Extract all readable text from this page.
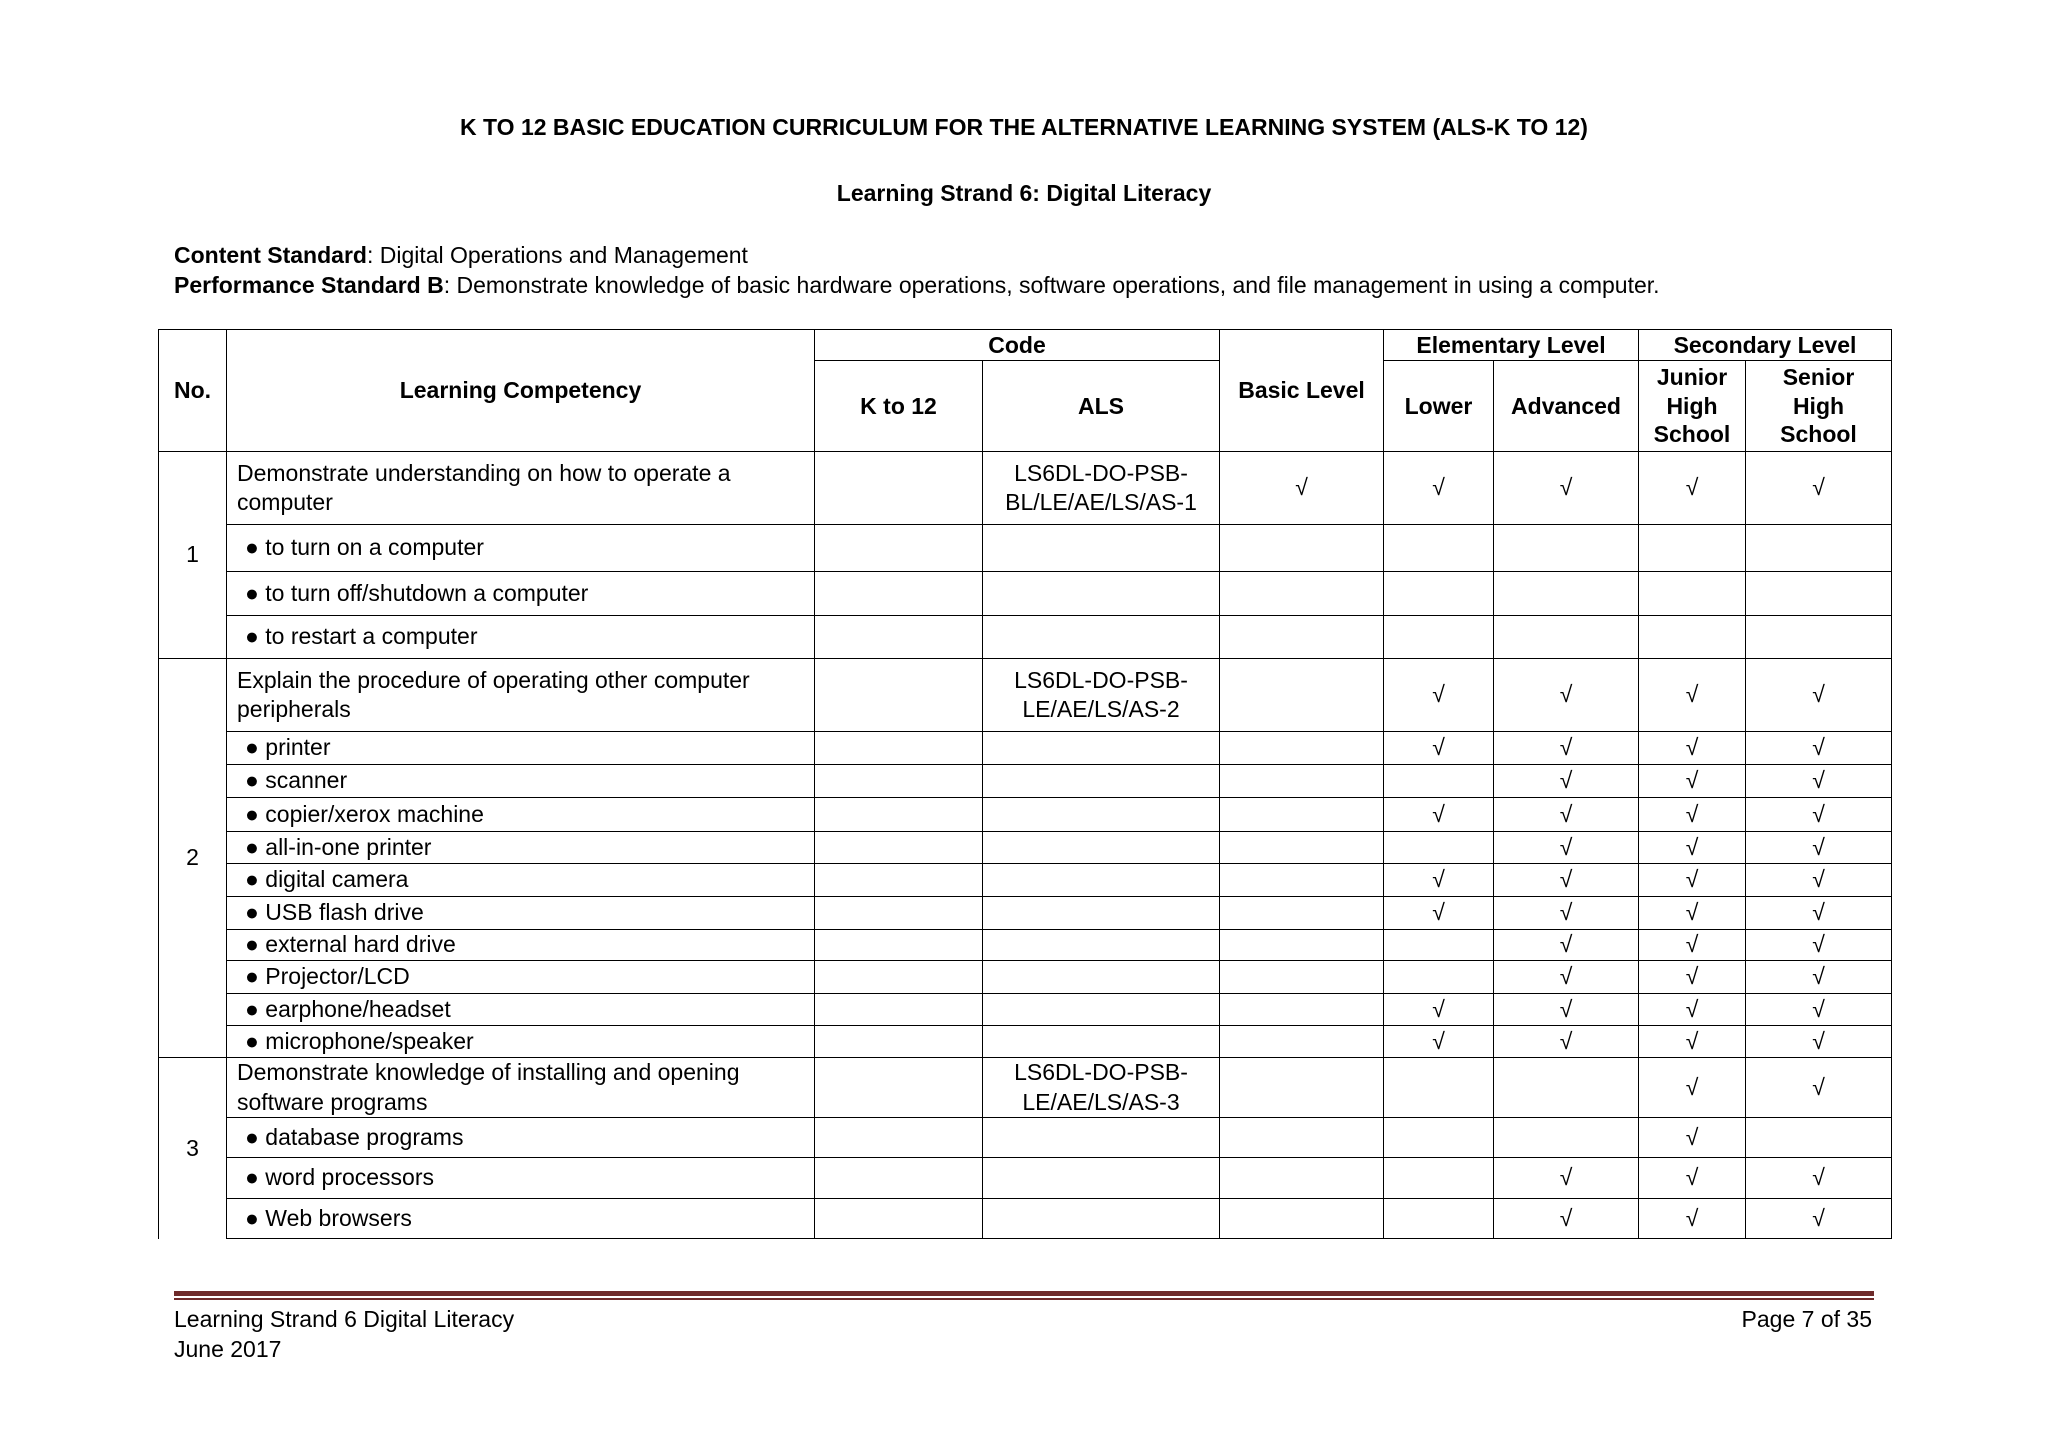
K TO 12 BASIC EDUCATION CURRICULUM FOR THE ALTERNATIVE LEARNING SYSTEM (ALS-K TO 12)
Learning Strand 6: Digital Literacy
Content Standard: Digital Operations and Management
Performance Standard B: Demonstrate knowledge of basic hardware operations, software operations, and file management in using a computer.
No.	Learning Competency	Code		Basic Level	Elementary Level		Secondary Level	
		K to 12	ALS		Lower	Advanced	Junior High School	Senior High School
1	Demonstrate understanding on how to operate a computer		LS6DL-DO-PSB-BL/LE/AE/LS/AS-1	√	√	√	√	√
	● to turn on a computer							
	● to turn off/shutdown a computer							
	● to restart a computer							
2	Explain the procedure of operating other computer peripherals		LS6DL-DO-PSB-LE/AE/LS/AS-2		√	√	√	√
	● printer				√	√	√	√
	● scanner					√	√	√
	● copier/xerox machine				√	√	√	√
	● all-in-one printer					√	√	√
	● digital camera				√	√	√	√
	● USB flash drive				√	√	√	√
	● external hard drive					√	√	√
	● Projector/LCD					√	√	√
	● earphone/headset				√	√	√	√
	● microphone/speaker				√	√	√	√
3	Demonstrate knowledge of installing and opening software programs		LS6DL-DO-PSB-LE/AE/LS/AS-3				√	√
	● database programs						√	
	● word processors					√	√	√
	● Web browsers					√	√	√
Learning Strand 6 Digital Literacy
June 2017
Page 7 of 35
